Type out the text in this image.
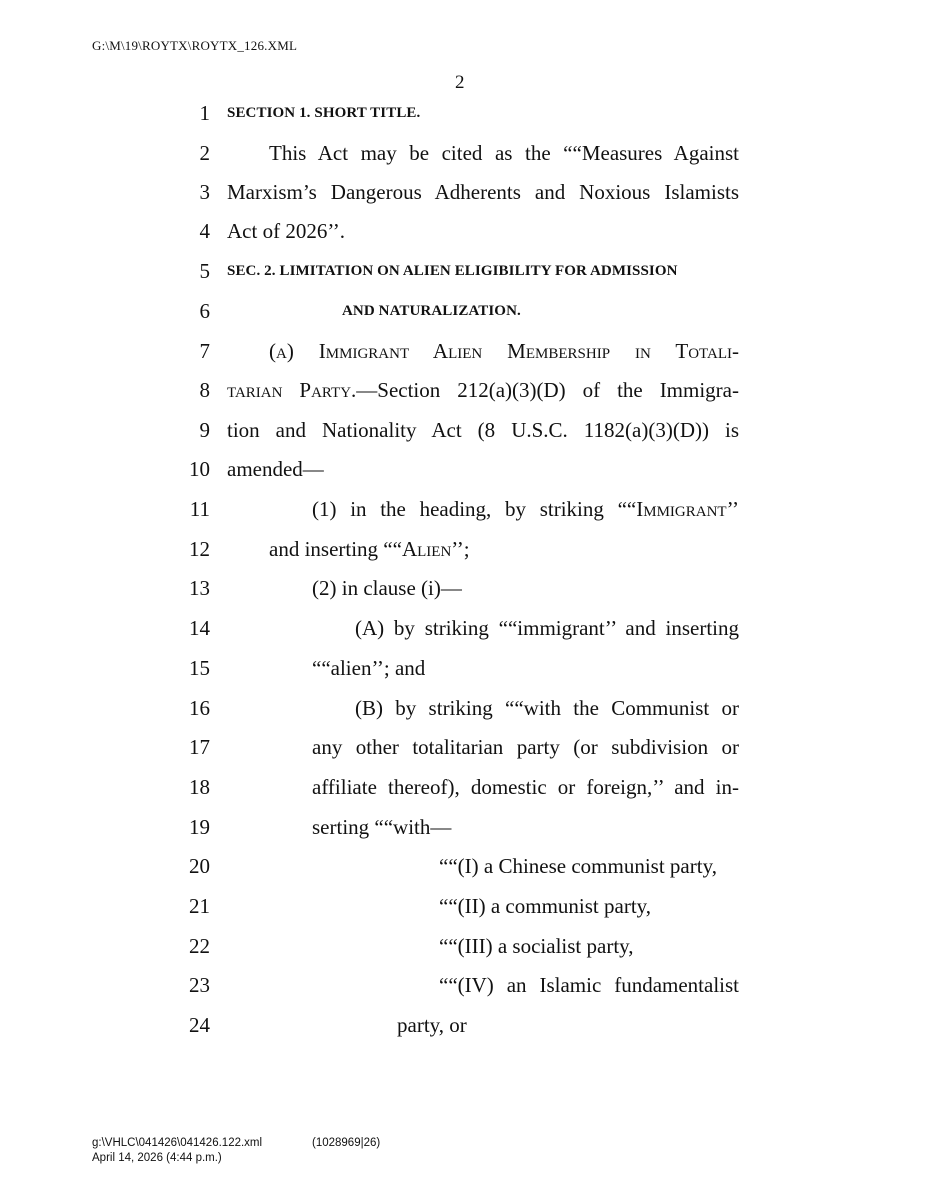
G:\M\19\ROYTX\ROYTX_126.XML
2
1
2
3
4
5
6
7
8
9
10
11
12
13
14
15
16
17
18
19
20
21
22
23
24
SECTION 1. SHORT TITLE.
This Act may be cited as the ““Measures Against
Marxism’s Dangerous Adherents and Noxious Islamists
Act of 2026’’.
SEC. 2. LIMITATION ON ALIEN ELIGIBILITY FOR ADMISSION
AND NATURALIZATION.
(a) Immigrant Alien Membership in Totali-
tarian Party.—Section 212(a)(3)(D) of the Immigra-
tion and Nationality Act (8 U.S.C. 1182(a)(3)(D)) is
amended—
(1) in the heading, by striking ““Immigrant’’
and inserting ““Alien’’;
(2) in clause (i)—
(A) by striking ““immigrant’’ and inserting
““alien’’; and
(B) by striking ““with the Communist or
any other totalitarian party (or subdivision or
affiliate thereof), domestic or foreign,’’ and in-
serting ““with—
““(I) a Chinese communist party,
““(II) a communist party,
““(III) a socialist party,
““(IV) an Islamic fundamentalist
party, or
g:\VHLC\041426\041426.122.xml	(1028969|26)
April 14, 2026 (4:44 p.m.)
